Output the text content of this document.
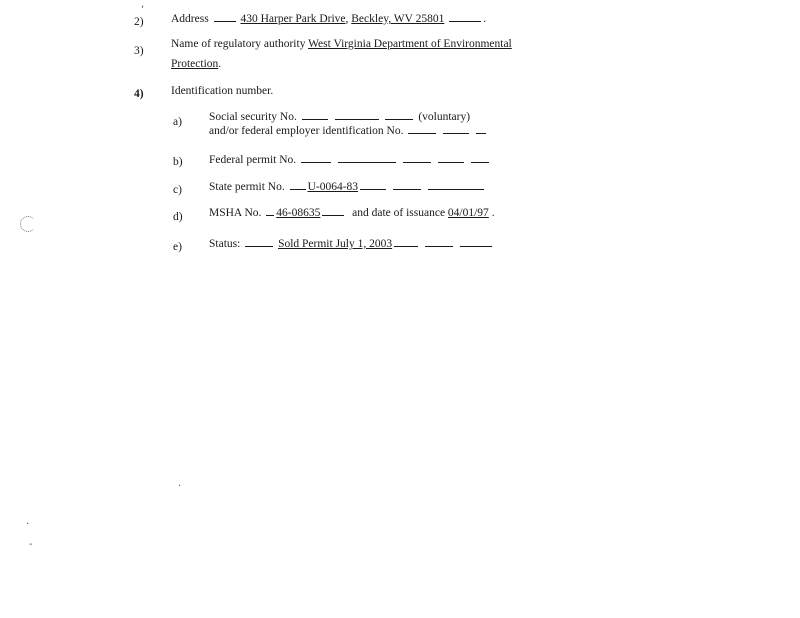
,
2) Address	430 Harper Park Drive, Beckley, WV 25801	.
3)
Name of regulatory authority West Virginia Department of Environmental
Protection.
4) Identification number.
a) Social security No.	(voluntary)
and/or federal employer identification No.
b) Federal permit No.
c) State permit No. U-0064-83
d) MSHA No. 46-08635	and date of issuance 04/01/97 .
e) Status:	Sold Permit July 1, 2003
·
·
-
